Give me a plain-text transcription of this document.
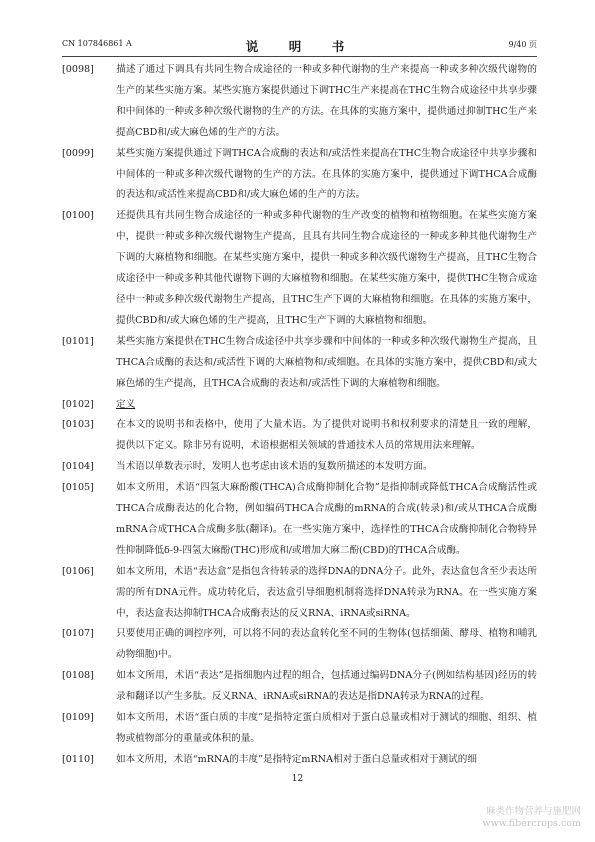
CN 107846861 A	说　明　书	9/40 页
[0098] 描述了通过下调具有共同生物合成途径的一种或多种代谢物的生产来提高一种或多种次级代谢物的生产的某些实施方案。某些实施方案提供通过下调THC生产来提高在THC生物合成途径中共享步骤和中间体的一种或多种次级代谢物的生产的方法。在具体的实施方案中，提供通过抑制THC生产来提高CBD和/或大麻色烯的生产的方法。
[0099] 某些实施方案提供通过下调THCA合成酶的表达和/或活性来提高在THC生物合成途径中共享步骤和中间体的一种或多种次级代谢物的生产的方法。在具体的实施方案中，提供通过下调THCA合成酶的表达和/或活性来提高CBD和/或大麻色烯的生产的方法。
[0100] 还提供具有共同生物合成途径的一种或多种代谢物的生产改变的植物和植物细胞。在某些实施方案中，提供一种或多种次级代谢物生产提高，且具有共同生物合成途径的一种或多种其他代谢物生产下调的大麻植物和细胞。在某些实施方案中，提供一种或多种次级代谢物生产提高，且THC生物合成途径中一种或多种其他代谢物下调的大麻植物和细胞。在某些实施方案中，提供THC生物合成途径中一种或多种次级代谢物生产提高，且THC生产下调的大麻植物和细胞。在具体的实施方案中，提供CBD和/或大麻色烯的生产提高，且THC生产下调的大麻植物和细胞。
[0101] 某些实施方案提供在THC生物合成途径中共享步骤和中间体的一种或多种次级代谢物生产提高，且THCA合成酶的表达和/或活性下调的大麻植物和/或细胞。在具体的实施方案中，提供CBD和/或大麻色烯的生产提高，且THCA合成酶的表达和/或活性下调的大麻植物和细胞。
[0102] 定义
[0103] 在本文的说明书和表格中，使用了大量术语。为了提供对说明书和权利要求的清楚且一致的理解，提供以下定义。除非另有说明，术语根据相关领域的普通技术人员的常规用法来理解。
[0104] 当术语以单数表示时，发明人也考虑由该术语的复数所描述的本发明方面。
[0105] 如本文所用，术语“四氢大麻酚酸(THCA)合成酶抑制化合物”是指抑制或降低THCA合成酶活性或THCA合成酶表达的化合物，例如编码THCA合成酶的mRNA的合成(转录)和/或从THCA合成酶mRNA合成THCA合成酶多肽(翻译)。在一些实施方案中，选择性的THCA合成酶抑制化合物特异性抑制降低δ-9-四氢大麻酚(THC)形成和/或增加大麻二酚(CBD)的THCA合成酶。
[0106] 如本文所用，术语“表达盒”是指包含待转录的选择DNA的DNA分子。此外，表达盒包含至少表达所需的所有DNA元件。成功转化后，表达盒引导细胞机制将选择DNA转录为RNA。在一些实施方案中，表达盒表达抑制THCA合成酶表达的反义RNA、iRNA或siRNA。
[0107] 只要使用正确的调控序列，可以将不同的表达盒转化至不同的生物体(包括细菌、酵母、植物和哺乳动物细胞)中。
[0108] 如本文所用，术语“表达”是指细胞内过程的组合，包括通过编码DNA分子(例如结构基因)经历的转录和翻译以产生多肽。反义RNA、iRNA或siRNA的表达是指DNA转录为RNA的过程。
[0109] 如本文所用，术语“蛋白质的丰度”是指特定蛋白质相对于蛋白总量或相对于测试的细胞、组织、植物或植物部分的重量或体积的量。
[0110] 如本文所用，术语“mRNA的丰度”是指特定mRNA相对于蛋白总量或相对于测试的细
12
麻类作物营养与施肥网
www.fibercrops.com
